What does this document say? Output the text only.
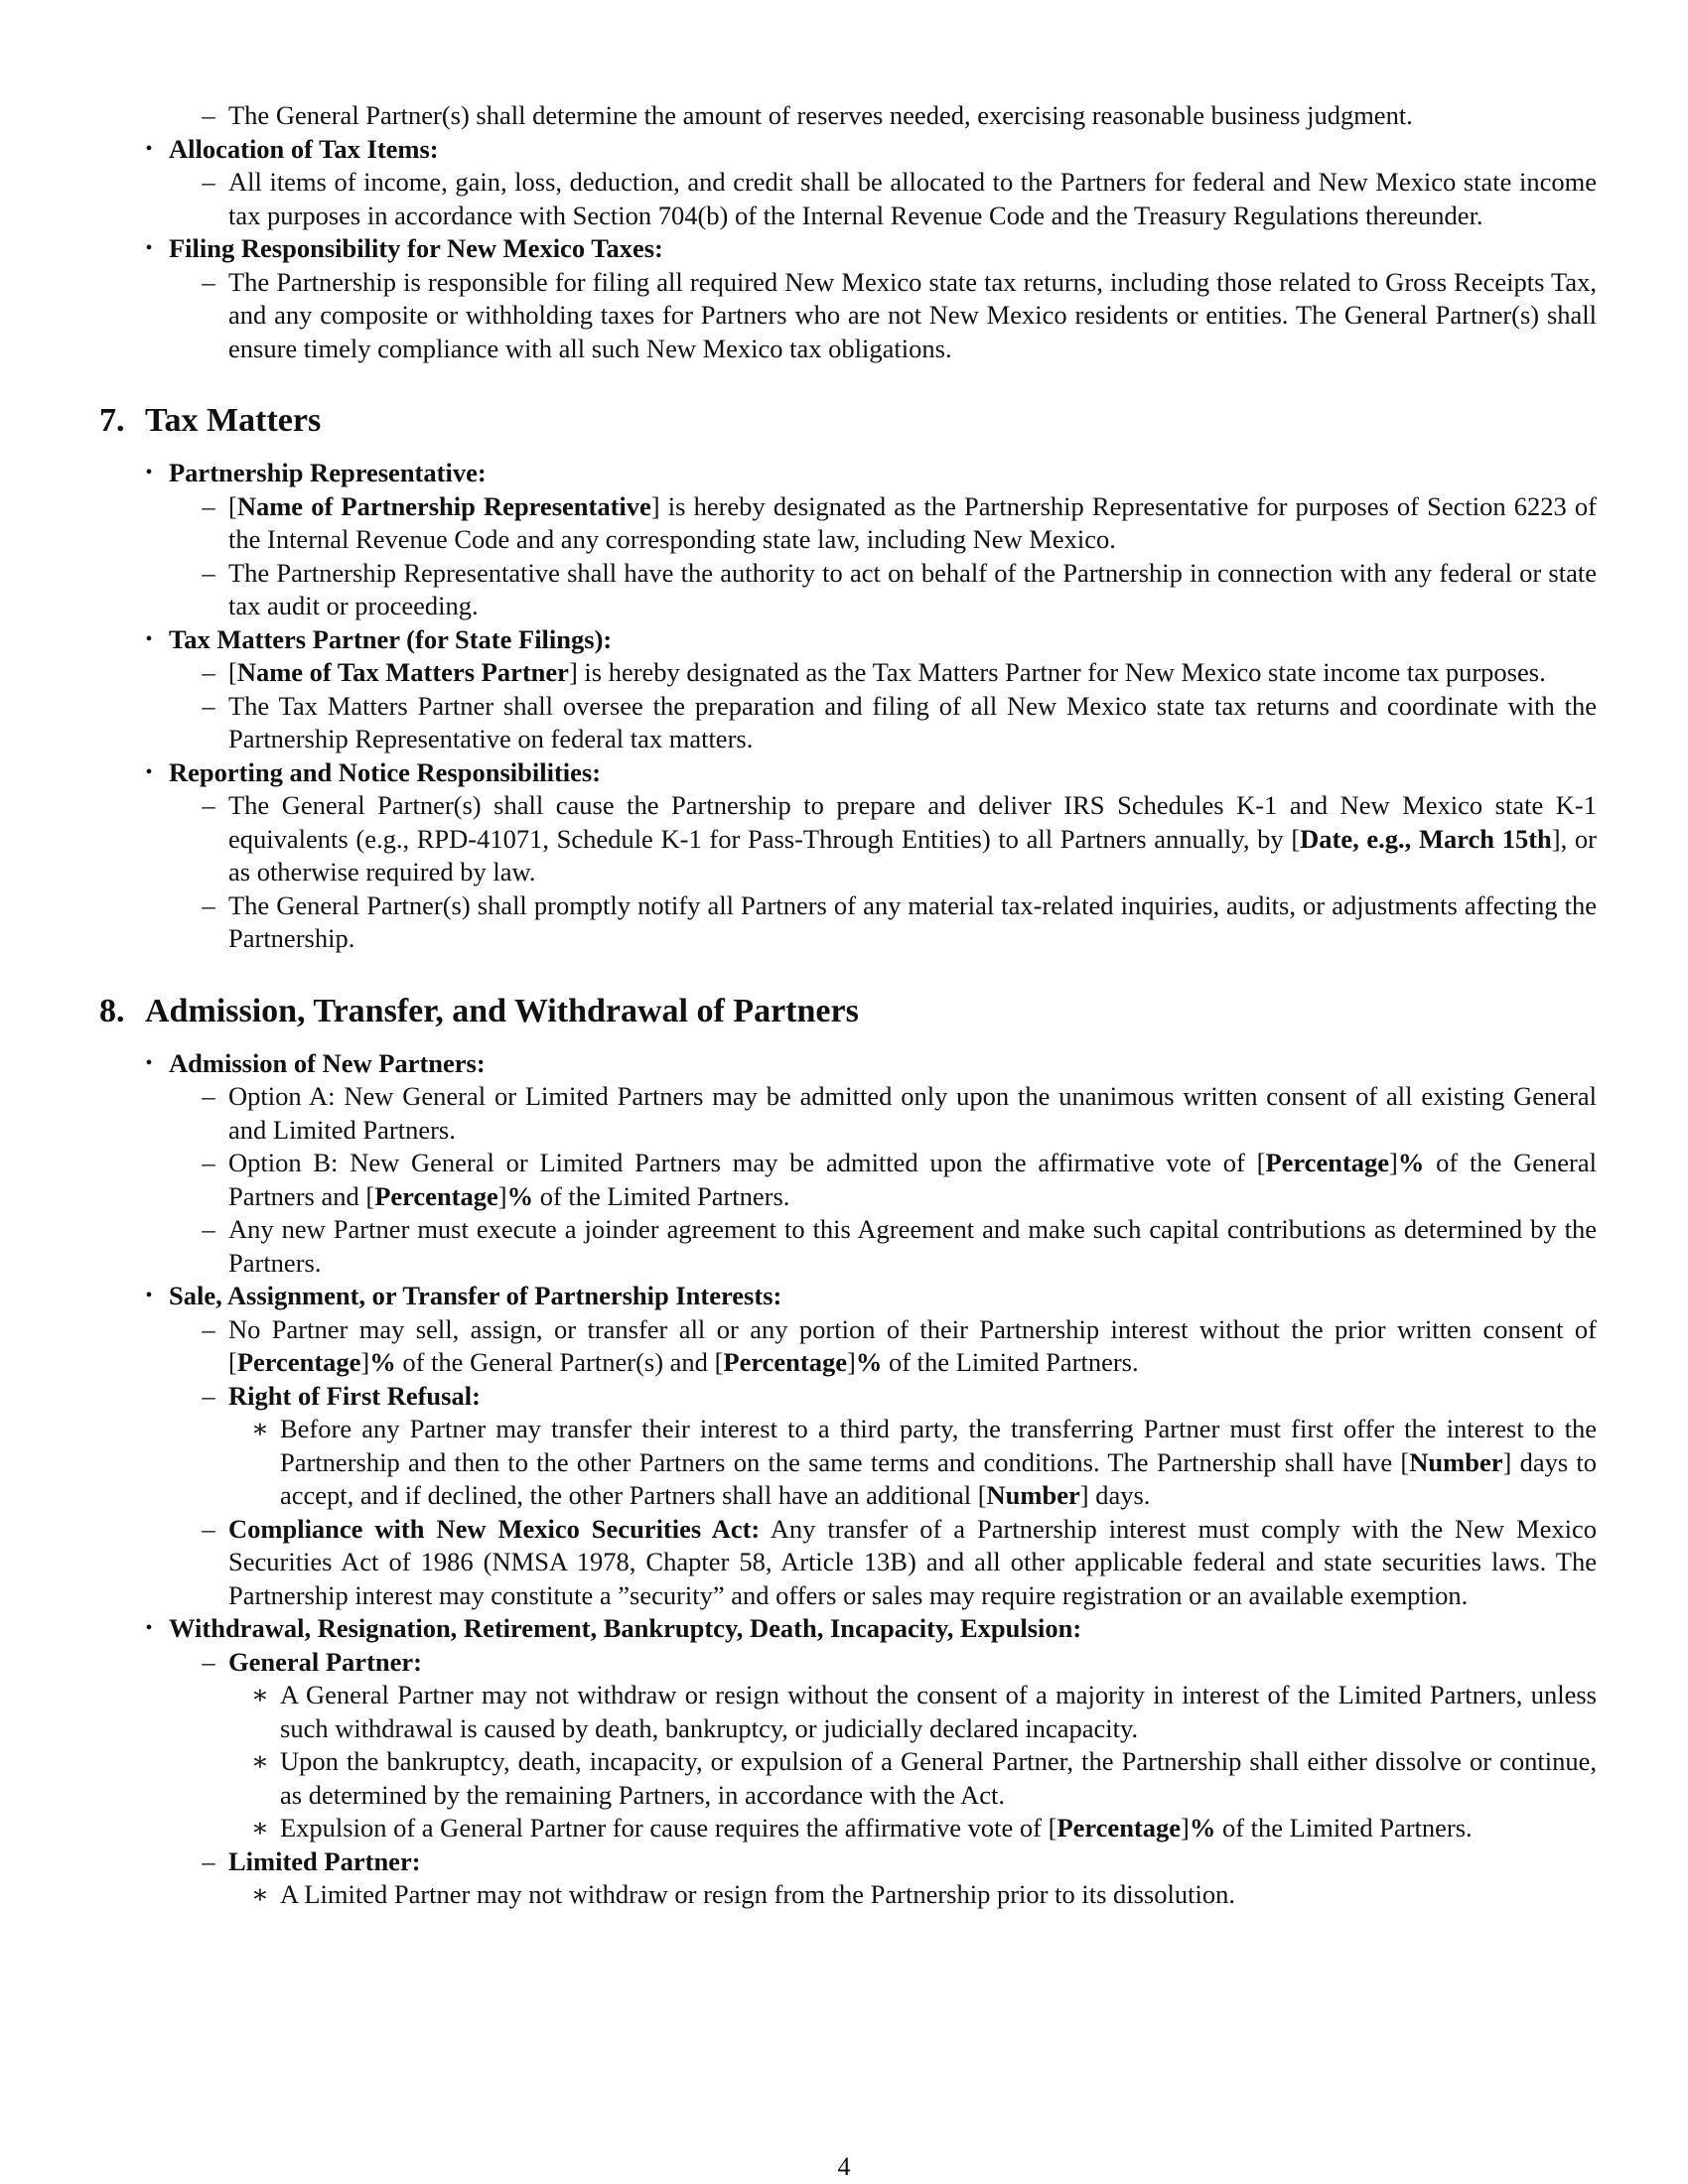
– The General Partner(s) shall determine the amount of reserves needed, exercising reasonable business judgment.
• Allocation of Tax Items:
– All items of income, gain, loss, deduction, and credit shall be allocated to the Partners for federal and New Mexico state income tax purposes in accordance with Section 704(b) of the Internal Revenue Code and the Treasury Regulations thereunder.
• Filing Responsibility for New Mexico Taxes:
– The Partnership is responsible for filing all required New Mexico state tax returns, including those related to Gross Receipts Tax, and any composite or withholding taxes for Partners who are not New Mexico residents or entities. The General Partner(s) shall ensure timely compliance with all such New Mexico tax obligations.
7. Tax Matters
• Partnership Representative:
– [Name of Partnership Representative] is hereby designated as the Partnership Representative for purposes of Section 6223 of the Internal Revenue Code and any corresponding state law, including New Mexico.
– The Partnership Representative shall have the authority to act on behalf of the Partnership in connection with any federal or state tax audit or proceeding.
• Tax Matters Partner (for State Filings):
– [Name of Tax Matters Partner] is hereby designated as the Tax Matters Partner for New Mexico state income tax purposes.
– The Tax Matters Partner shall oversee the preparation and filing of all New Mexico state tax returns and coordinate with the Partnership Representative on federal tax matters.
• Reporting and Notice Responsibilities:
– The General Partner(s) shall cause the Partnership to prepare and deliver IRS Schedules K-1 and New Mexico state K-1 equivalents (e.g., RPD-41071, Schedule K-1 for Pass-Through Entities) to all Partners annually, by [Date, e.g., March 15th], or as otherwise required by law.
– The General Partner(s) shall promptly notify all Partners of any material tax-related inquiries, audits, or adjustments affecting the Partnership.
8. Admission, Transfer, and Withdrawal of Partners
• Admission of New Partners:
– Option A: New General or Limited Partners may be admitted only upon the unanimous written consent of all existing General and Limited Partners.
– Option B: New General or Limited Partners may be admitted upon the affirmative vote of [Percentage]% of the General Partners and [Percentage]% of the Limited Partners.
– Any new Partner must execute a joinder agreement to this Agreement and make such capital contributions as determined by the Partners.
• Sale, Assignment, or Transfer of Partnership Interests:
– No Partner may sell, assign, or transfer all or any portion of their Partnership interest without the prior written consent of [Percentage]% of the General Partner(s) and [Percentage]% of the Limited Partners.
– Right of First Refusal:
∗ Before any Partner may transfer their interest to a third party, the transferring Partner must first offer the interest to the Partnership and then to the other Partners on the same terms and conditions. The Partnership shall have [Number] days to accept, and if declined, the other Partners shall have an additional [Number] days.
– Compliance with New Mexico Securities Act: Any transfer of a Partnership interest must comply with the New Mexico Securities Act of 1986 (NMSA 1978, Chapter 58, Article 13B) and all other applicable federal and state securities laws. The Partnership interest may constitute a ”security” and offers or sales may require registration or an available exemption.
• Withdrawal, Resignation, Retirement, Bankruptcy, Death, Incapacity, Expulsion:
– General Partner:
∗ A General Partner may not withdraw or resign without the consent of a majority in interest of the Limited Partners, unless such withdrawal is caused by death, bankruptcy, or judicially declared incapacity.
∗ Upon the bankruptcy, death, incapacity, or expulsion of a General Partner, the Partnership shall either dissolve or continue, as determined by the remaining Partners, in accordance with the Act.
∗ Expulsion of a General Partner for cause requires the affirmative vote of [Percentage]% of the Limited Partners.
– Limited Partner:
∗ A Limited Partner may not withdraw or resign from the Partnership prior to its dissolution.
4
